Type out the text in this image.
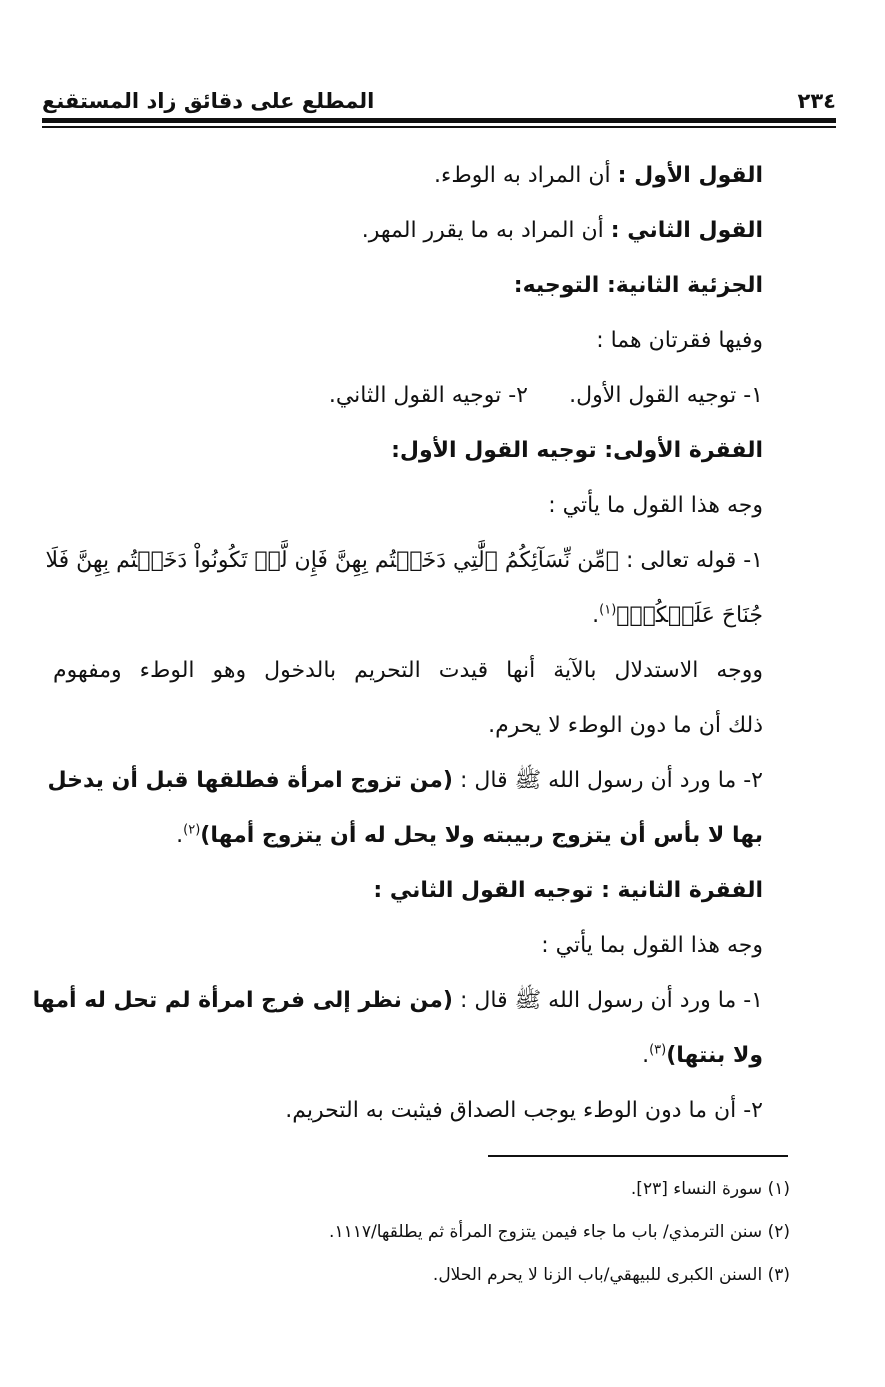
٢٣٤
المطلع على دقائق زاد المستقنع
القول الأول : أن المراد به الوطء.
القول الثاني : أن المراد به ما يقرر المهر.
الجزئية الثانية: التوجيه:
وفيها فقرتان هما :
١- توجيه القول الأول.
٢- توجيه القول الثاني.
الفقرة الأولى: توجيه القول الأول:
وجه هذا القول ما يأتي :
١- قوله تعالى : ﴿مِّن نِّسَآئِكُمُ ٱلَّٰتِي دَخَلۡتُم بِهِنَّ فَإِن لَّمۡ تَكُونُواْ دَخَلۡتُم بِهِنَّ فَلَا
جُنَاحَ عَلَيۡكُمۡ﴾$^{(١)}$.
ووجه الاستدلال بالآية أنها قيدت التحريم بالدخول وهو الوطء ومفهوم
ذلك أن ما دون الوطء لا يحرم.
٢- ما ورد أن رسول الله ﷺ قال : (من تزوج امرأة فطلقها قبل أن يدخل
بها لا بأس أن يتزوج ربيبته ولا يحل له أن يتزوج أمها)$^{(٢)}$.
الفقرة الثانية : توجيه القول الثاني :
وجه هذا القول بما يأتي :
١- ما ورد أن رسول الله ﷺ قال : (من نظر إلى فرج امرأة لم تحل له أمها
ولا بنتها)$^{(٣)}$.
٢- أن ما دون الوطء يوجب الصداق فيثبت به التحريم.
(١) سورة النساء [٢٣].
(٢) سنن الترمذي/ باب ما جاء فيمن يتزوج المرأة ثم يطلقها/١١١٧.
(٣) السنن الكبرى للبيهقي/باب الزنا لا يحرم الحلال.
